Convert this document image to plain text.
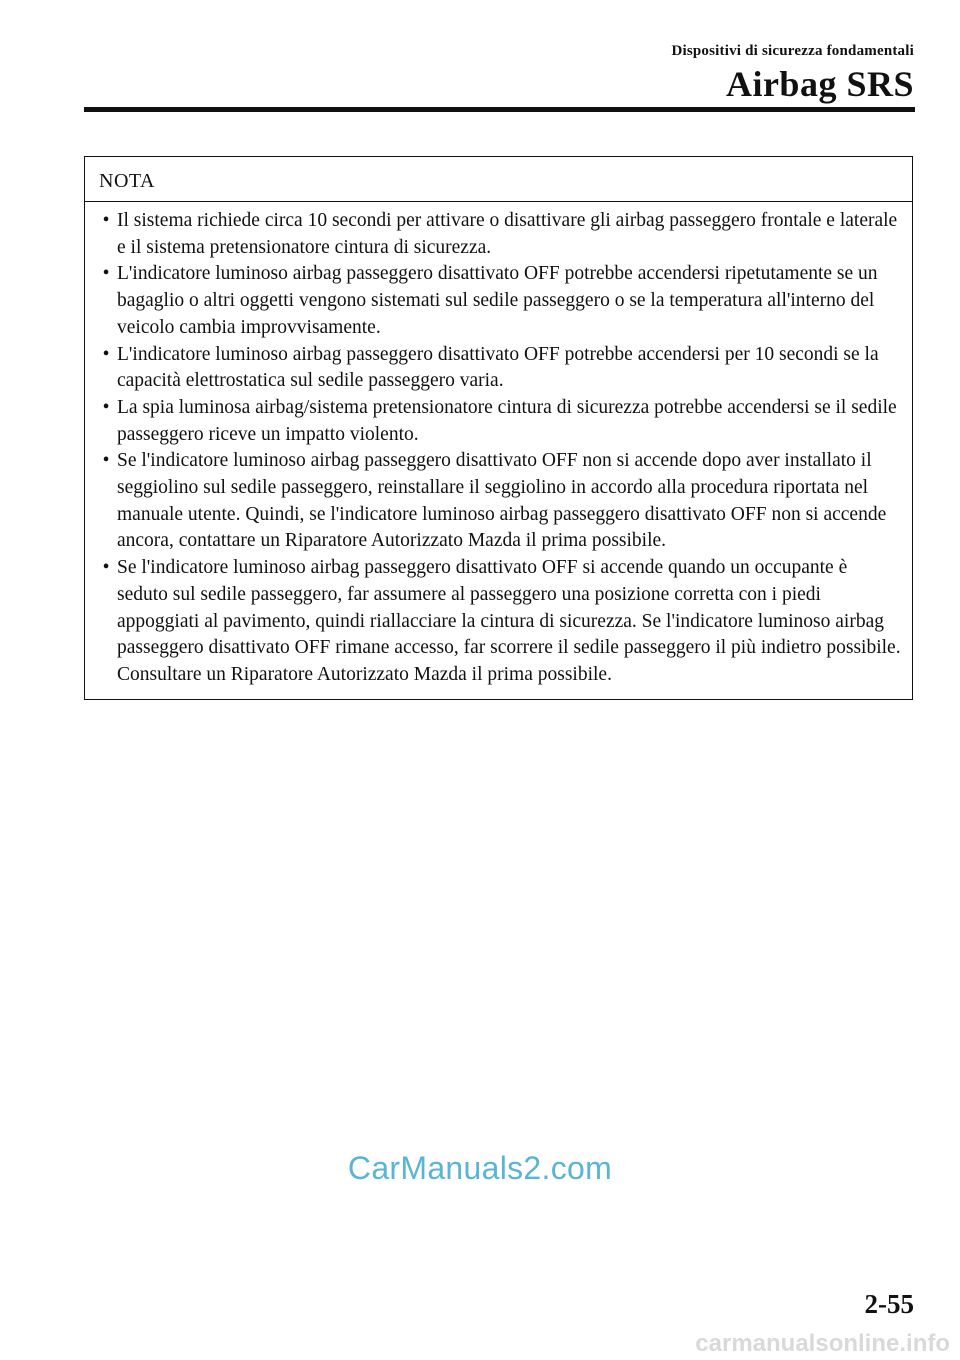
Dispositivi di sicurezza fondamentali
Airbag SRS
NOTA
• Il sistema richiede circa 10 secondi per attivare o disattivare gli airbag passeggero frontale e laterale e il sistema pretensionatore cintura di sicurezza.
• L'indicatore luminoso airbag passeggero disattivato OFF potrebbe accendersi ripetutamente se un bagaglio o altri oggetti vengono sistemati sul sedile passeggero o se la temperatura all'interno del veicolo cambia improvvisamente.
• L'indicatore luminoso airbag passeggero disattivato OFF potrebbe accendersi per 10 secondi se la capacità elettrostatica sul sedile passeggero varia.
• La spia luminosa airbag/sistema pretensionatore cintura di sicurezza potrebbe accendersi se il sedile passeggero riceve un impatto violento.
• Se l'indicatore luminoso airbag passeggero disattivato OFF non si accende dopo aver installato il seggiolino sul sedile passeggero, reinstallare il seggiolino in accordo alla procedura riportata nel manuale utente. Quindi, se l'indicatore luminoso airbag passeggero disattivato OFF non si accende ancora, contattare un Riparatore Autorizzato Mazda il prima possibile.
• Se l'indicatore luminoso airbag passeggero disattivato OFF si accende quando un occupante è seduto sul sedile passeggero, far assumere al passeggero una posizione corretta con i piedi appoggiati al pavimento, quindi riallacciare la cintura di sicurezza. Se l'indicatore luminoso airbag passeggero disattivato OFF rimane accesso, far scorrere il sedile passeggero il più indietro possibile. Consultare un Riparatore Autorizzato Mazda il prima possibile.
CarManuals2.com
2-55
carmanualsonline.info
